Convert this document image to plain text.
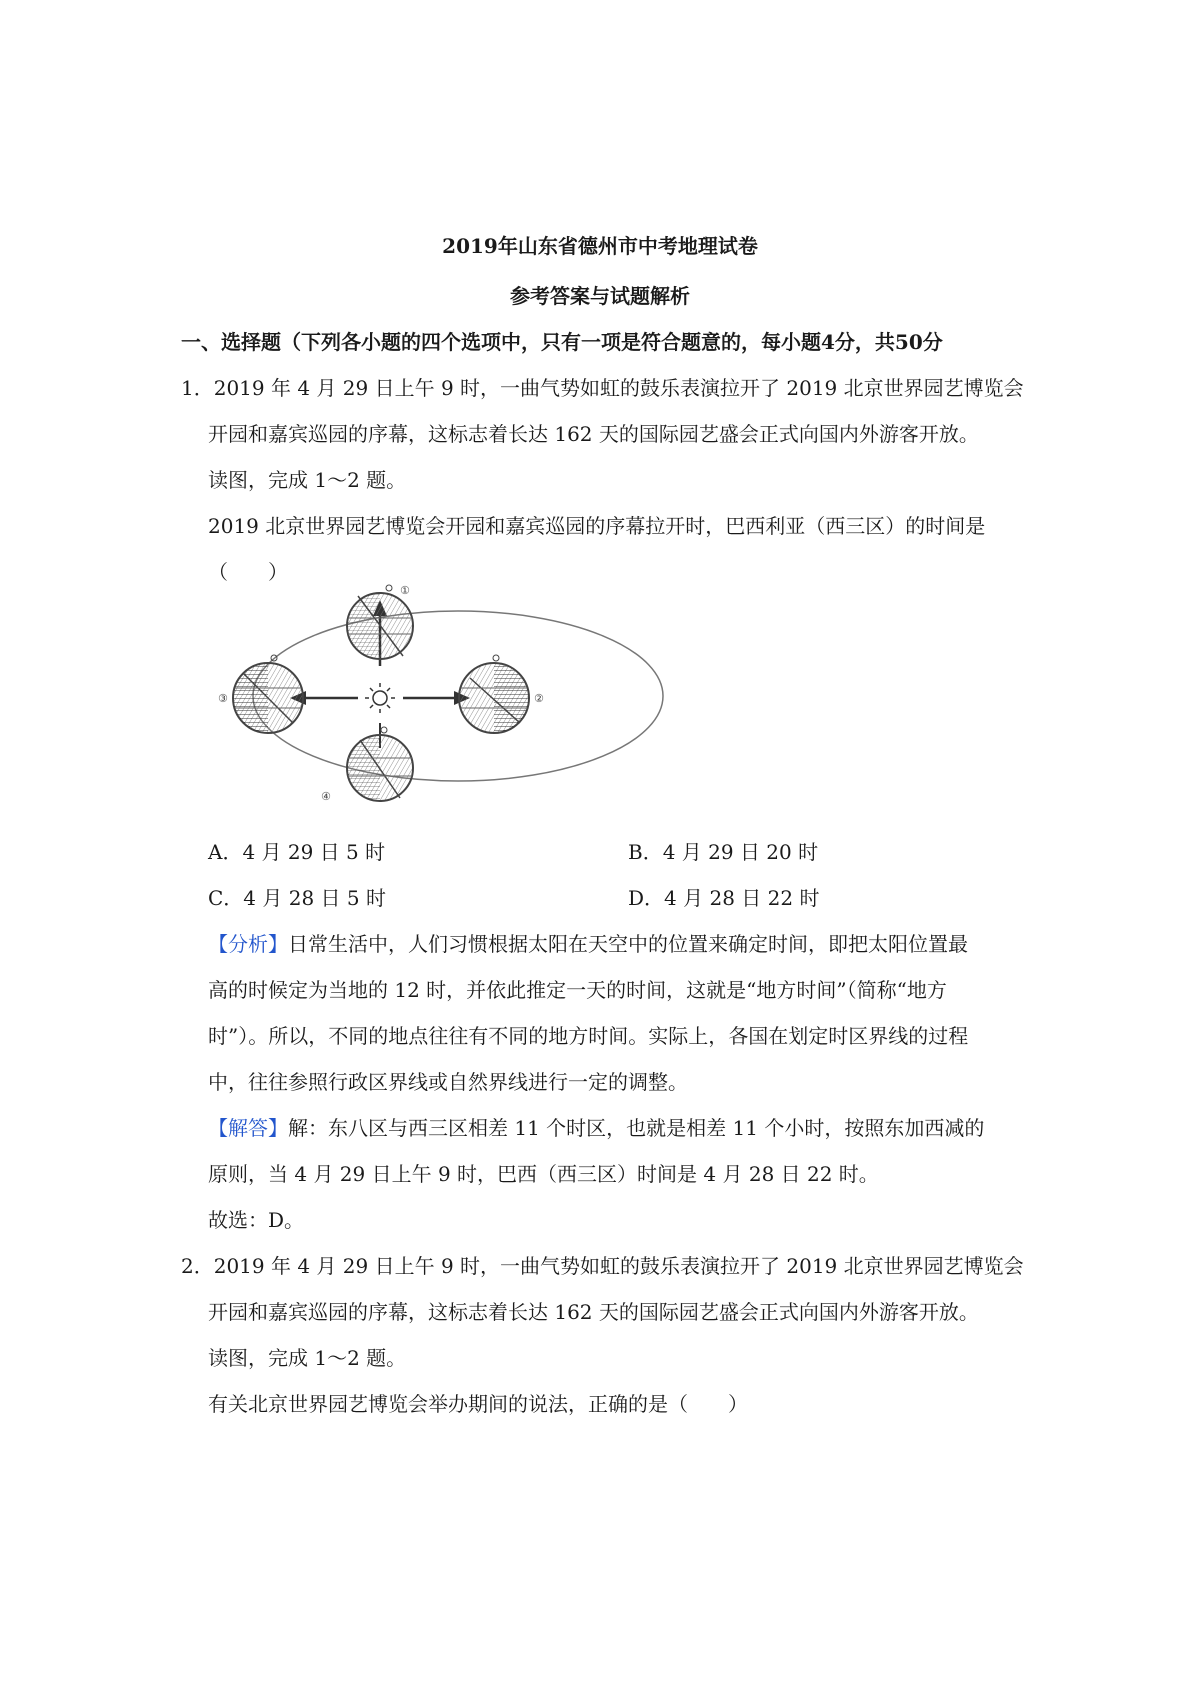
2019年山东省德州市中考地理试卷
参考答案与试题解析
一、选择题（下列各小题的四个选项中，只有一项是符合题意的，每小题4分，共50分
1．2019 年 4 月 29 日上午 9 时，一曲气势如虹的鼓乐表演拉开了 2019 北京世界园艺博览会
开园和嘉宾巡园的序幕，这标志着长达 162 天的国际园艺盛会正式向国内外游客开放。
读图，完成 1～2 题。
2019 北京世界园艺博览会开园和嘉宾巡园的序幕拉开时，巴西利亚（西三区）的时间是
（　　）
①
②
③
④
A．4 月 29 日 5 时	B．4 月 29 日 20 时
C．4 月 28 日 5 时	D．4 月 28 日 22 时
【分析】日常生活中，人们习惯根据太阳在天空中的位置来确定时间，即把太阳位置最
高的时候定为当地的 12 时，并依此推定一天的时间，这就是“地方时间”（简称“地方
时”）。所以，不同的地点往往有不同的地方时间。实际上，各国在划定时区界线的过程
中，往往参照行政区界线或自然界线进行一定的调整。
【解答】解：东八区与西三区相差 11 个时区，也就是相差 11 个小时，按照东加西减的
原则，当 4 月 29 日上午 9 时，巴西（西三区）时间是 4 月 28 日 22 时。
故选：D。
2．2019 年 4 月 29 日上午 9 时，一曲气势如虹的鼓乐表演拉开了 2019 北京世界园艺博览会
开园和嘉宾巡园的序幕，这标志着长达 162 天的国际园艺盛会正式向国内外游客开放。
读图，完成 1～2 题。
有关北京世界园艺博览会举办期间的说法，正确的是（　　）
